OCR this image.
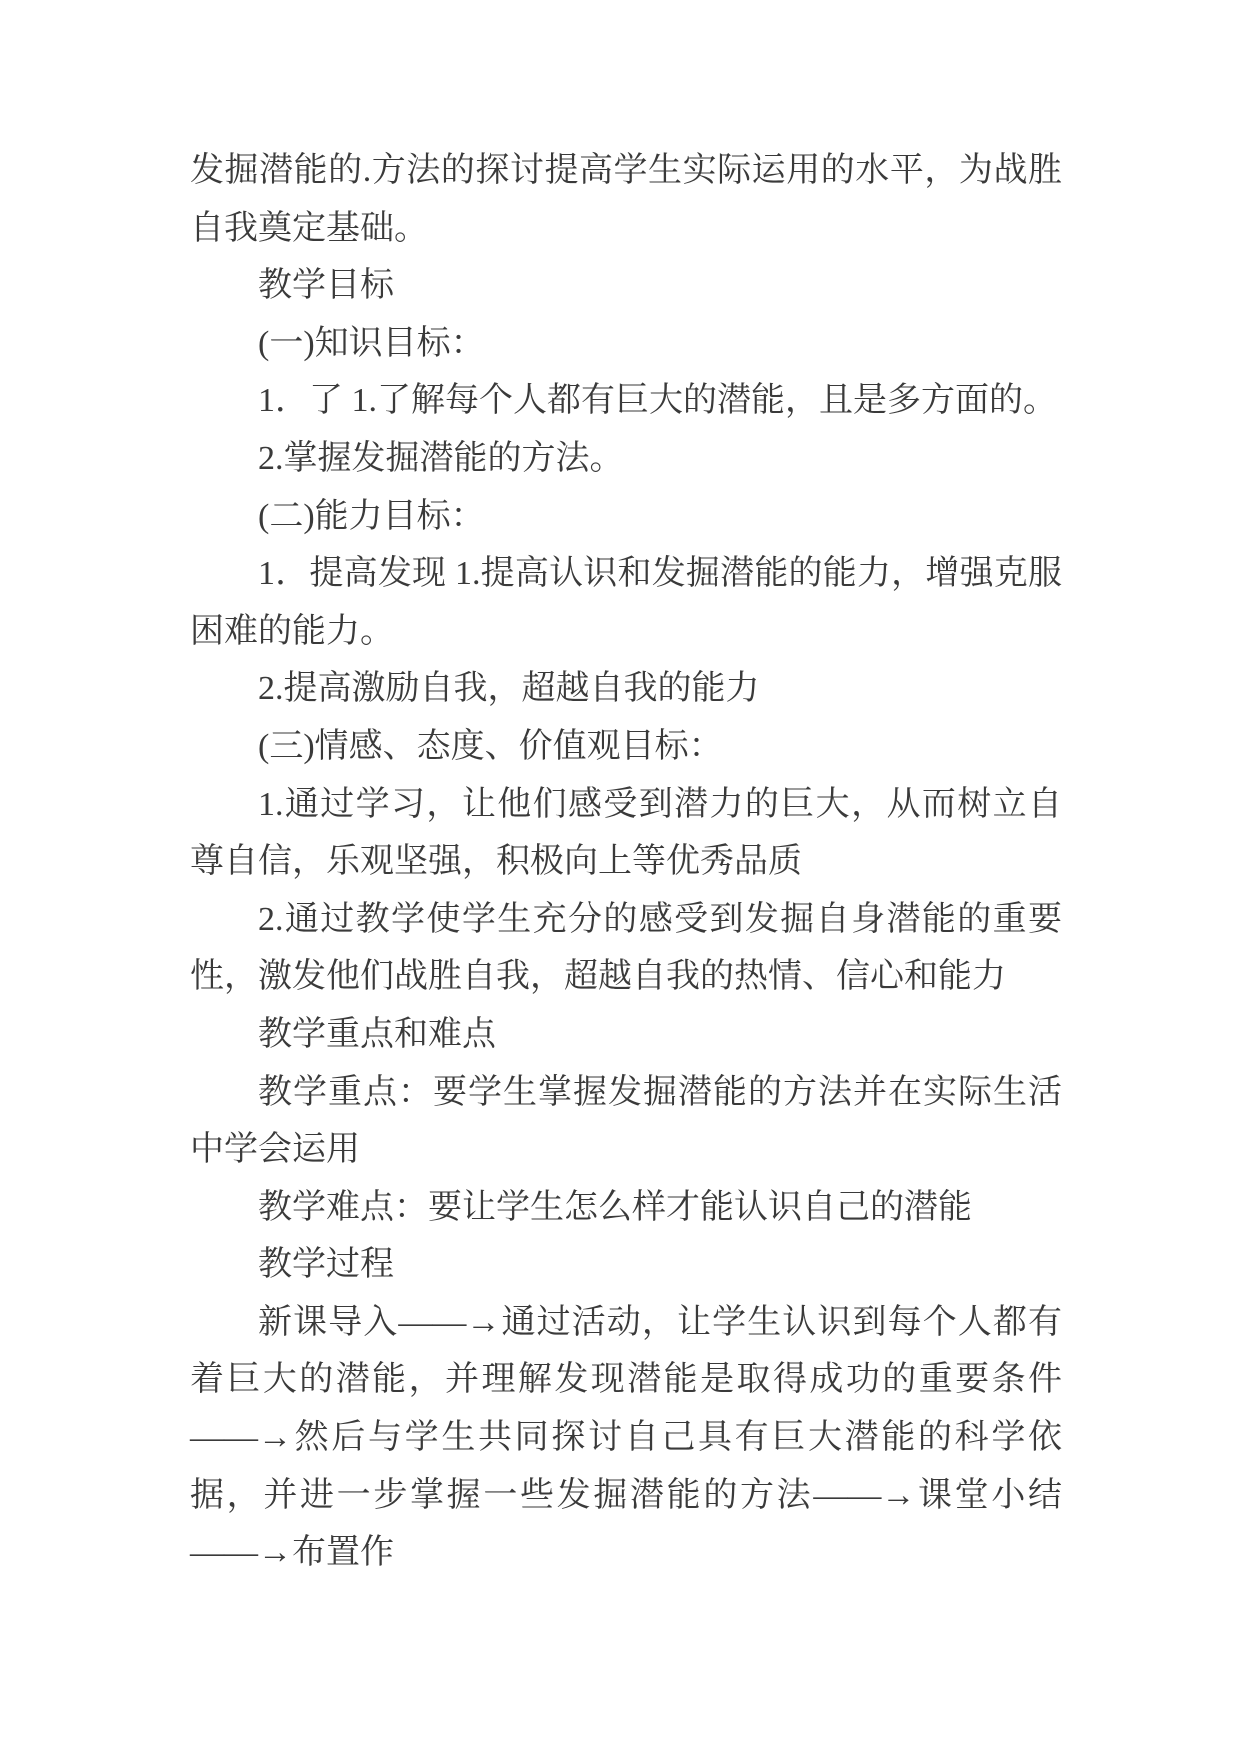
发掘潜能的.方法的探讨提高学生实际运用的水平，为战胜自我奠定基础。

教学目标

(一)知识目标：

1．了 1.了解每个人都有巨大的潜能，且是多方面的。

2.掌握发掘潜能的方法。

(二)能力目标：

1．提高发现 1.提高认识和发掘潜能的能力，增强克服困难的能力。

2.提高激励自我，超越自我的能力

(三)情感、态度、价值观目标：

1.通过学习，让他们感受到潜力的巨大，从而树立自尊自信，乐观坚强，积极向上等优秀品质

2.通过教学使学生充分的感受到发掘自身潜能的重要性，激发他们战胜自我，超越自我的热情、信心和能力

教学重点和难点

教学重点：要学生掌握发掘潜能的方法并在实际生活中学会运用

教学难点：要让学生怎么样才能认识自己的潜能

教学过程

新课导入——→通过活动，让学生认识到每个人都有着巨大的潜能，并理解发现潜能是取得成功的重要条件——→然后与学生共同探讨自己具有巨大潜能的科学依据，并进一步掌握一些发掘潜能的方法——→课堂小结——→布置作
